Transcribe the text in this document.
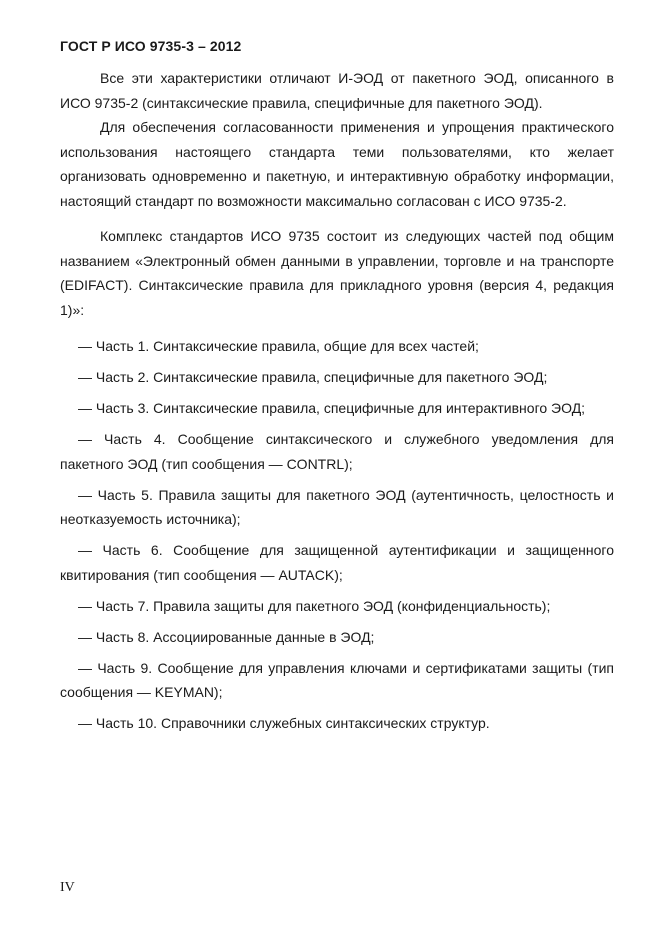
ГОСТ Р ИСО 9735-3 – 2012

Все эти характеристики отличают И-ЭОД от пакетного ЭОД, описанного в ИСО 9735-2 (синтаксические правила, специфичные для пакетного ЭОД).

Для обеспечения согласованности применения и упрощения практического использования настоящего стандарта теми пользователями, кто желает организовать одновременно и пакетную, и интерактивную обработку информации, настоящий стандарт по возможности максимально согласован с ИСО 9735-2.

Комплекс стандартов ИСО 9735 состоит из следующих частей под общим названием «Электронный обмен данными в управлении, торговле и на транспорте (EDIFACT). Синтаксические правила для прикладного уровня (версия 4, редакция 1)»:

— Часть 1. Синтаксические правила, общие для всех частей;
— Часть 2. Синтаксические правила, специфичные для пакетного ЭОД;
— Часть 3. Синтаксические правила, специфичные для интерактивного ЭОД;
— Часть 4. Сообщение синтаксического и служебного уведомления для пакетного ЭОД (тип сообщения — CONTRL);
— Часть 5. Правила защиты для пакетного ЭОД (аутентичность, целостность и неотказуемость источника);
— Часть 6. Сообщение для защищенной аутентификации и защищенного квитирования (тип сообщения — AUTACK);
— Часть 7. Правила защиты для пакетного ЭОД (конфиденциальность);
— Часть 8. Ассоциированные данные в ЭОД;
— Часть 9. Сообщение для управления ключами и сертификатами защиты (тип сообщения — KEYMAN);
— Часть 10. Справочники служебных синтаксических структур.
IV
